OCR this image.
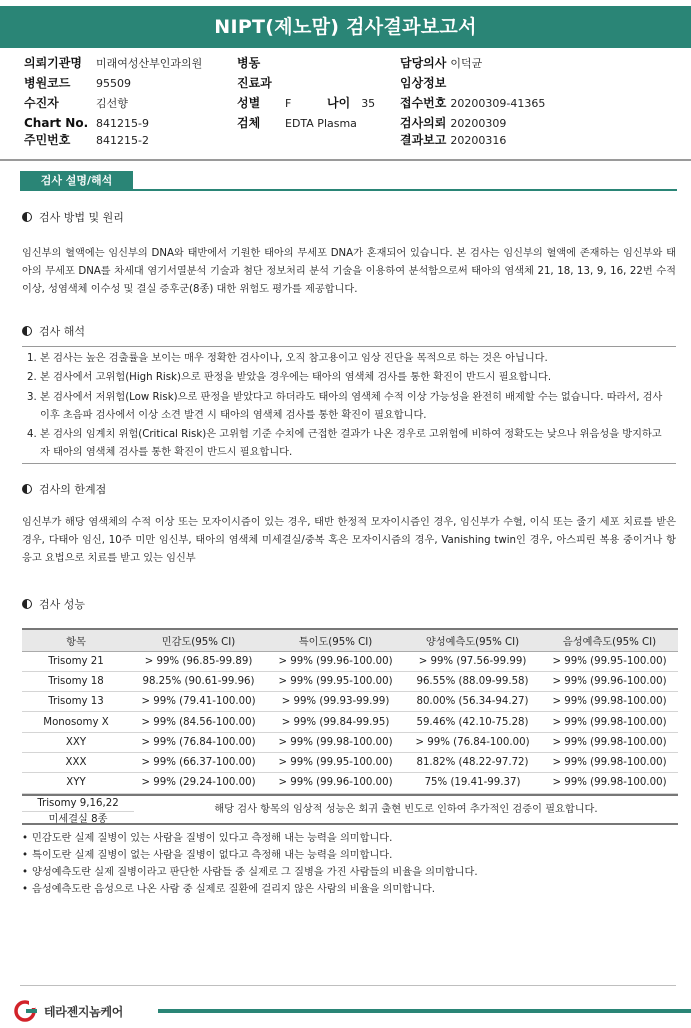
NIPT(제노맘) 검사결과보고서
의뢰기관명 미래여성산부인과의원
병원코드 95509
수진자	김선향
Chart No. 841215-9
주민번호 841215-2
병동
진료과
성별 F	나이 35
검체 EDTA Plasma
담당의사 이덕균
임상정보
접수번호 20200309-41365
검사의뢰 20200309
결과보고 20200316
검사 설명/해석
검사 방법 및 원리
임신부의 혈액에는 임신부의 DNA와 태반에서 기원한 태아의 무세포 DNA가 혼재되어 있습니다. 본 검사는 임신부의 혈액에 존재하는 임신부와 태아의 무세포 DNA를 차세대 염기서열분석 기술과 첨단 정보처리 분석 기술을 이용하여 분석함으로써 태아의 염색체 21, 18, 13, 9, 16, 22번 수적 이상, 성염색체 이수성 및 결실 증후군(8종) 대한 위험도 평가를 제공합니다.
검사 해석
1. 본 검사는 높은 검출률을 보이는 매우 정확한 검사이나, 오직 참고용이고 임상 진단을 목적으로 하는 것은 아닙니다.
2. 본 검사에서 고위험(High Risk)으로 판정을 받았을 경우에는 태아의 염색체 검사를 통한 확진이 반드시 필요합니다.
3. 본 검사에서 저위험(Low Risk)으로 판정을 받았다고 하더라도 태아의 염색체 수적 이상 가능성을 완전히 배제할 수는 없습니다. 따라서, 검사 이후 초음파 검사에서 이상 소견 발견 시 태아의 염색체 검사를 통한 확진이 필요합니다.
4. 본 검사의 임계치 위험(Critical Risk)은 고위험 기준 수치에 근접한 결과가 나온 경우로 고위험에 비하여 정확도는 낮으나 위음성을 방지하고자 태아의 염색체 검사를 통한 확진이 반드시 필요합니다.
검사의 한계점
임신부가 해당 염색체의 수적 이상 또는 모자이시즘이 있는 경우, 태반 한정적 모자이시즘인 경우, 임신부가 수혈, 이식 또는 줄기 세포 치료를 받은 경우, 다태아 임신, 10주 미만 임신부, 태아의 염색체 미세결실/중복 혹은 모자이시즘의 경우, Vanishing twin인 경우, 아스피린 복용 중이거나 항 응고 요법으로 치료를 받고 있는 임신부
검사 성능
항목	민감도(95% CI)	특이도(95% CI)	양성예측도(95% CI)	음성예측도(95% CI)
Trisomy 21	> 99% (96.85-99.89)	> 99% (99.96-100.00)	> 99% (97.56-99.99)	> 99% (99.95-100.00)
Trisomy 18	98.25% (90.61-99.96)	> 99% (99.95-100.00)	96.55% (88.09-99.58)	> 99% (99.96-100.00)
Trisomy 13	> 99% (79.41-100.00)	> 99% (99.93-99.99)	80.00% (56.34-94.27)	> 99% (99.98-100.00)
Monosomy X	> 99% (84.56-100.00)	> 99% (99.84-99.95)	59.46% (42.10-75.28)	> 99% (99.98-100.00)
XXY	> 99% (76.84-100.00)	> 99% (99.98-100.00)	> 99% (76.84-100.00)	> 99% (99.98-100.00)
XXX	> 99% (66.37-100.00)	> 99% (99.95-100.00)	81.82% (48.22-97.72)	> 99% (99.98-100.00)
XYY	> 99% (29.24-100.00)	> 99% (99.96-100.00)	75% (19.41-99.37)	> 99% (99.98-100.00)
Trisomy 9,16,22
미세결실 8종
해당 검사 항목의 임상적 성능은 회귀 출현 빈도로 인하여 추가적인 검증이 필요합니다.
• 민감도란 실제 질병이 있는 사람을 질병이 있다고 측정해 내는 능력을 의미합니다.
• 특이도란 실제 질병이 없는 사람을 질병이 없다고 측정해 내는 능력을 의미합니다.
• 양성예측도란 실제 질병이라고 판단한 사람들 중 실제로 그 질병을 가진 사람들의 비율을 의미합니다.
• 음성예측도란 음성으로 나온 사람 중 실제로 질환에 걸리지 않은 사람의 비율을 의미합니다.
테라젠지놈케어
